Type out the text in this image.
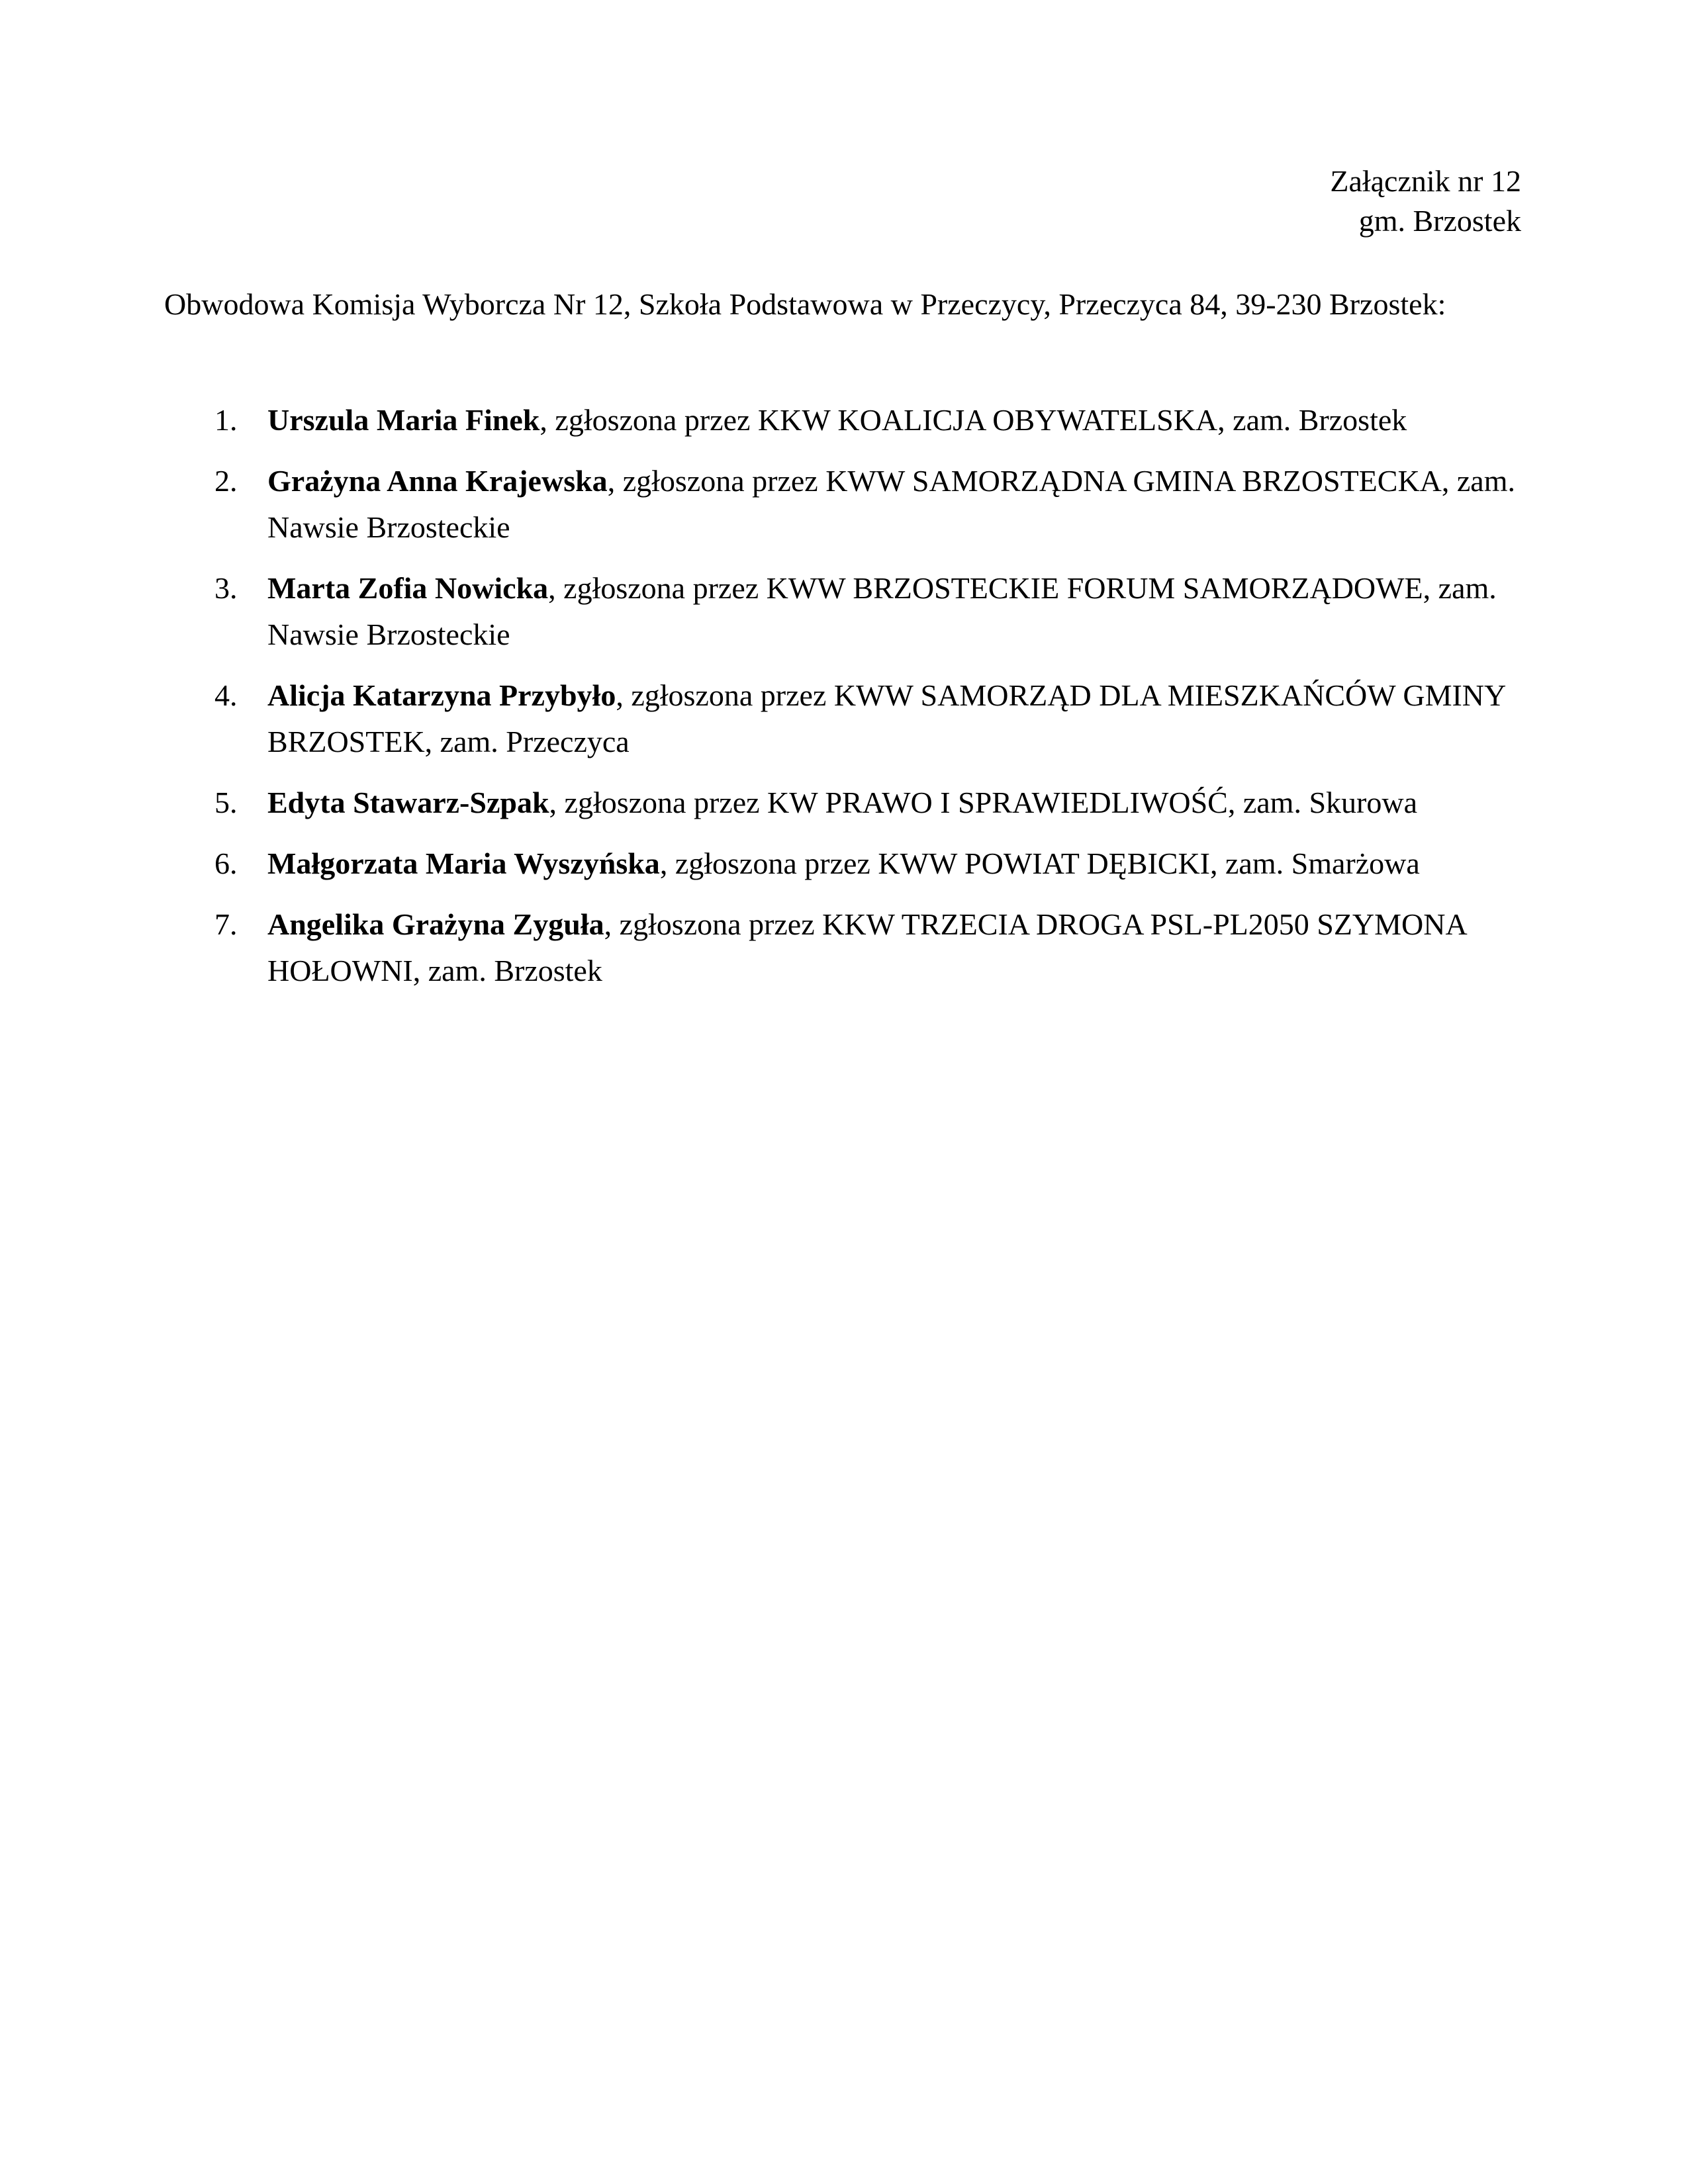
Załącznik nr 12
gm. Brzostek
Obwodowa Komisja Wyborcza Nr 12, Szkoła Podstawowa w Przeczycy, Przeczyca 84, 39-230 Brzostek:
1. Urszula Maria Finek, zgłoszona przez KKW KOALICJA OBYWATELSKA, zam. Brzostek
2. Grażyna Anna Krajewska, zgłoszona przez KWW SAMORZĄDNA GMINA BRZOSTECKA, zam. Nawsie Brzosteckie
3. Marta Zofia Nowicka, zgłoszona przez KWW BRZOSTECKIE FORUM SAMORZĄDOWE, zam. Nawsie Brzosteckie
4. Alicja Katarzyna Przybyło, zgłoszona przez KWW SAMORZĄD DLA MIESZKAŃCÓW GMINY BRZOSTEK, zam. Przeczyca
5. Edyta Stawarz-Szpak, zgłoszona przez KW PRAWO I SPRAWIEDLIWOŚĆ, zam. Skurowa
6. Małgorzata Maria Wyszyńska, zgłoszona przez KWW POWIAT DĘBICKI, zam. Smarżowa
7. Angelika Grażyna Zyguła, zgłoszona przez KKW TRZECIA DROGA PSL-PL2050 SZYMONA HOŁOWNI, zam. Brzostek
